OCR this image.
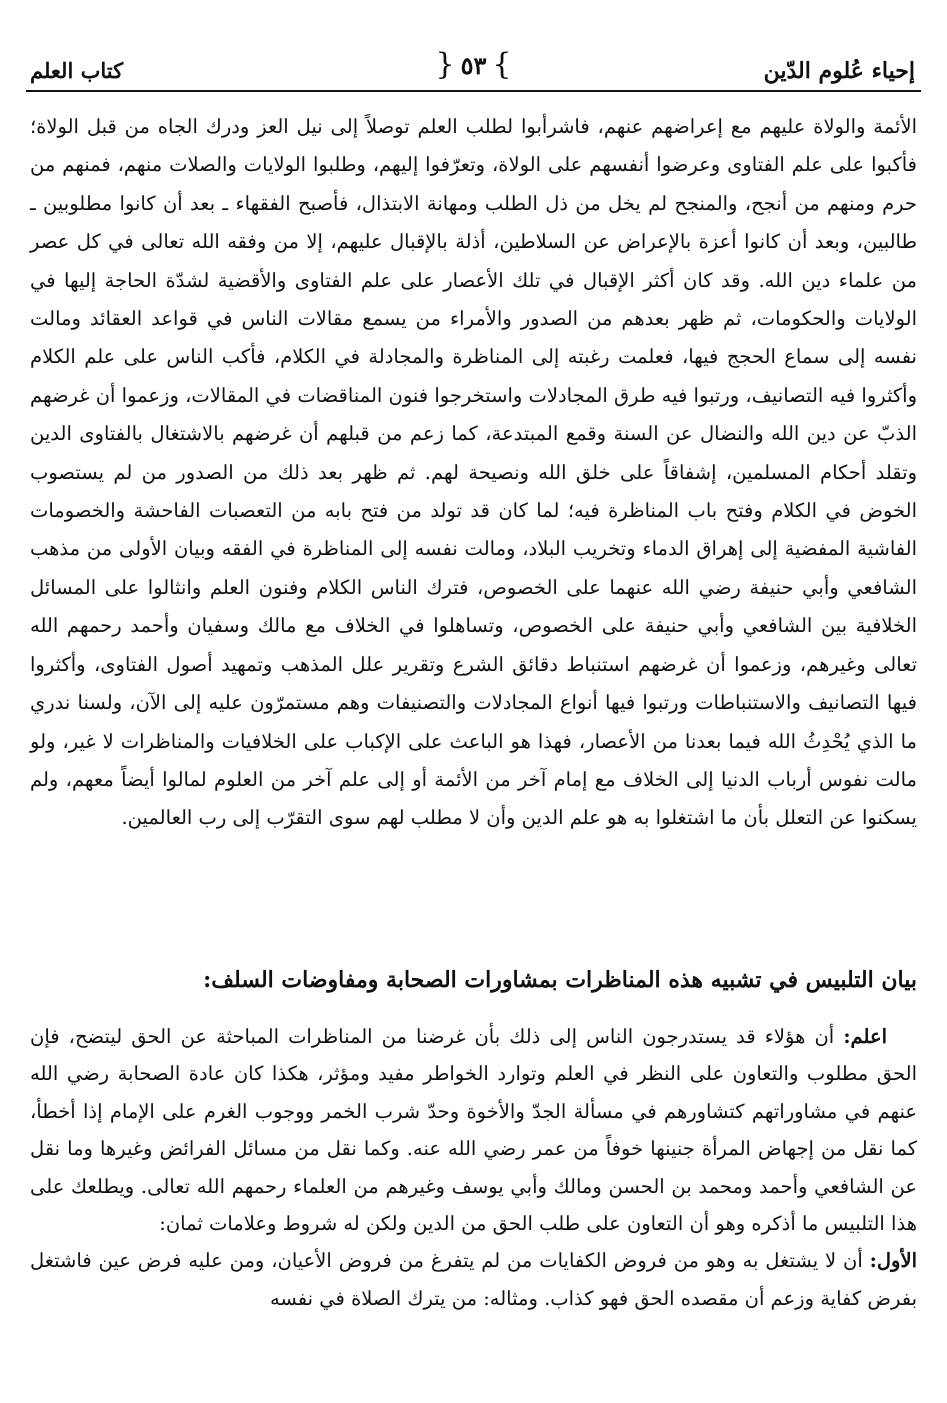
إحياء عُلوم الدّين
}
٥٣
{
كتاب العلم

الأئمة والولاة عليهم مع إعراضهم عنهم، فاشرأبوا لطلب العلم توصلاً إلى نيل العز ودرك الجاه من قبل الولاة؛ فأكبوا على علم الفتاوى وعرضوا أنفسهم على الولاة، وتعرّفوا إليهم، وطلبوا الولايات والصلات منهم، فمنهم من حرم ومنهم من أنجح، والمنجح لم يخل من ذل الطلب ومهانة الابتذال، فأصبح الفقهاء ـ بعد أن كانوا مطلوبين ـ طالبين، وبعد أن كانوا أعزة بالإعراض عن السلاطين، أذلة بالإقبال عليهم، إلا من وفقه الله تعالى في كل عصر من علماء دين الله. وقد كان أكثر الإقبال في تلك الأعصار على علم الفتاوى والأقضية لشدّة الحاجة إليها في الولايات والحكومات، ثم ظهر بعدهم من الصدور والأمراء من يسمع مقالات الناس في قواعد العقائد ومالت نفسه إلى سماع الحجج فيها، فعلمت رغبته إلى المناظرة والمجادلة في الكلام، فأكب الناس على علم الكلام وأكثروا فيه التصانيف، ورتبوا فيه طرق المجادلات واستخرجوا فنون المناقضات في المقالات، وزعموا أن غرضهم الذبّ عن دين الله والنضال عن السنة وقمع المبتدعة، كما زعم من قبلهم أن غرضهم بالاشتغال بالفتاوى الدين وتقلد أحكام المسلمين، إشفاقاً على خلق الله ونصيحة لهم. ثم ظهر بعد ذلك من الصدور من لم يستصوب الخوض في الكلام وفتح باب المناظرة فيه؛ لما كان قد تولد من فتح بابه من التعصبات الفاحشة والخصومات الفاشية المفضية إلى إهراق الدماء وتخريب البلاد، ومالت نفسه إلى المناظرة في الفقه وبيان الأولى من مذهب الشافعي وأبي حنيفة رضي الله عنهما على الخصوص، فترك الناس الكلام وفنون العلم وانثالوا على المسائل الخلافية بين الشافعي وأبي حنيفة على الخصوص، وتساهلوا في الخلاف مع مالك وسفيان وأحمد رحمهم الله تعالى وغيرهم، وزعموا أن غرضهم استنباط دقائق الشرع وتقرير علل المذهب وتمهيد أصول الفتاوى، وأكثروا فيها التصانيف والاستنباطات ورتبوا فيها أنواع المجادلات والتصنيفات وهم مستمرّون عليه إلى الآن، ولسنا ندري ما الذي يُحْدِثُ الله فيما بعدنا من الأعصار، فهذا هو الباعث على الإكباب على الخلافيات والمناظرات لا غير، ولو مالت نفوس أرباب الدنيا إلى الخلاف مع إمام آخر من الأئمة أو إلى علم آخر من العلوم لمالوا أيضاً معهم، ولم يسكنوا عن التعلل بأن ما اشتغلوا به هو علم الدين وأن لا مطلب لهم سوى التقرّب إلى رب العالمين.

بيان التلبيس في تشبيه هذه المناظرات بمشاورات الصحابة ومفاوضات السلف:

اعلم: أن هؤلاء قد يستدرجون الناس إلى ذلك بأن غرضنا من المناظرات المباحثة عن الحق ليتضح، فإن الحق مطلوب والتعاون على النظر في العلم وتوارد الخواطر مفيد ومؤثر، هكذا كان عادة الصحابة رضي الله عنهم في مشاوراتهم كتشاورهم في مسألة الجدّ والأخوة وحدّ شرب الخمر ووجوب الغرم على الإمام إذا أخطأ، كما نقل من إجهاض المرأة جنينها خوفاً من عمر رضي الله عنه. وكما نقل من مسائل الفرائض وغيرها وما نقل عن الشافعي وأحمد ومحمد بن الحسن ومالك وأبي يوسف وغيرهم من العلماء رحمهم الله تعالى. ويطلعك على هذا التلبيس ما أذكره وهو أن التعاون على طلب الحق من الدين ولكن له شروط وعلامات ثمان:

الأول: أن لا يشتغل به وهو من فروض الكفايات من لم يتفرغ من فروض الأعيان، ومن عليه فرض عين فاشتغل بفرض كفاية وزعم أن مقصده الحق فهو كذاب. ومثاله: من يترك الصلاة في نفسه
